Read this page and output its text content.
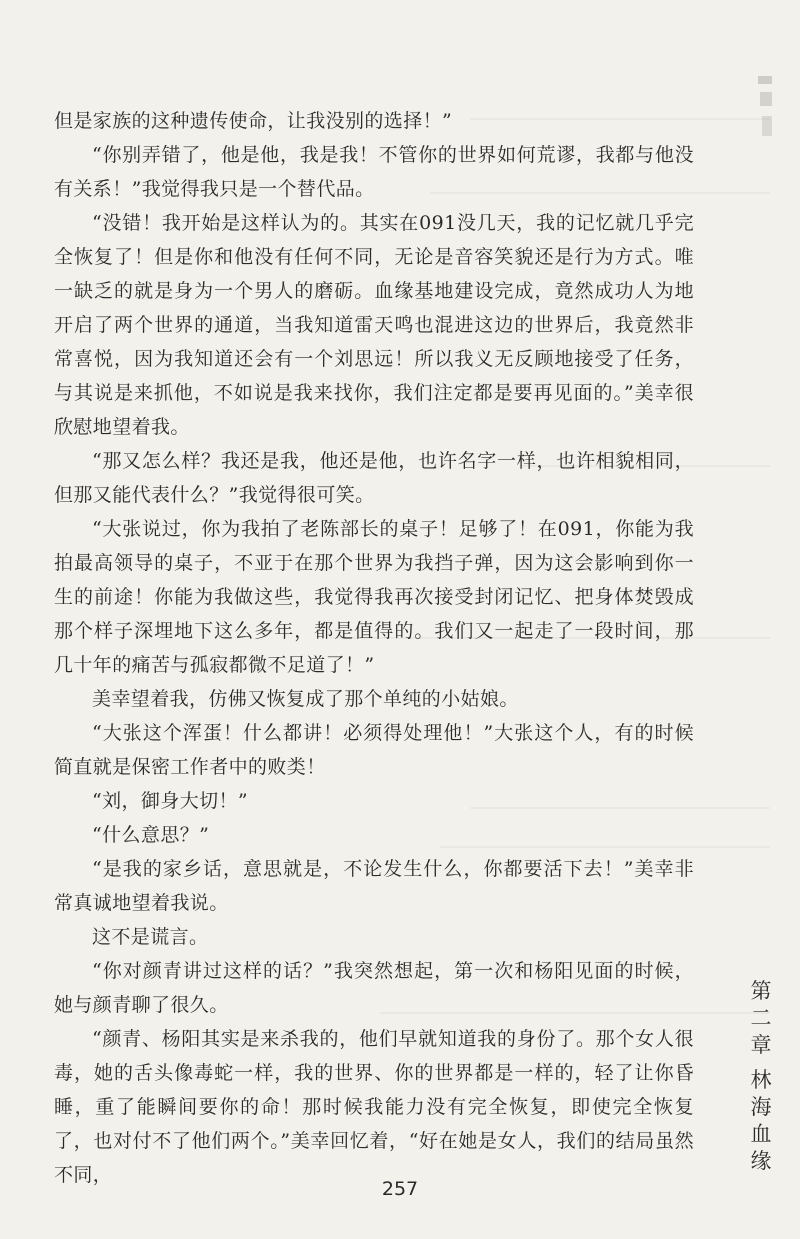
但是家族的这种遗传使命，让我没别的选择！”

“你别弄错了，他是他，我是我！不管你的世界如何荒谬，我都与他没有关系！”我觉得我只是一个替代品。

“没错！我开始是这样认为的。其实在091没几天，我的记忆就几乎完全恢复了！但是你和他没有任何不同，无论是音容笑貌还是行为方式。唯一缺乏的就是身为一个男人的磨砺。血缘基地建设完成，竟然成功人为地开启了两个世界的通道，当我知道雷天鸣也混进这边的世界后，我竟然非常喜悦，因为我知道还会有一个刘思远！所以我义无反顾地接受了任务，与其说是来抓他，不如说是我来找你，我们注定都是要再见面的。”美幸很欣慰地望着我。

“那又怎么样？我还是我，他还是他，也许名字一样，也许相貌相同，但那又能代表什么？”我觉得很可笑。

“大张说过，你为我拍了老陈部长的桌子！足够了！在091，你能为我拍最高领导的桌子，不亚于在那个世界为我挡子弹，因为这会影响到你一生的前途！你能为我做这些，我觉得我再次接受封闭记忆、把身体焚毁成那个样子深埋地下这么多年，都是值得的。我们又一起走了一段时间，那几十年的痛苦与孤寂都微不足道了！”

美幸望着我，仿佛又恢复成了那个单纯的小姑娘。

“大张这个浑蛋！什么都讲！必须得处理他！”大张这个人，有的时候简直就是保密工作者中的败类！

“刘，御身大切！”

“什么意思？”

“是我的家乡话，意思就是，不论发生什么，你都要活下去！”美幸非常真诚地望着我说。

这不是谎言。

“你对颜青讲过这样的话？”我突然想起，第一次和杨阳见面的时候，她与颜青聊了很久。

“颜青、杨阳其实是来杀我的，他们早就知道我的身份了。那个女人很毒，她的舌头像毒蛇一样，我的世界、你的世界都是一样的，轻了让你昏睡，重了能瞬间要你的命！那时候我能力没有完全恢复，即使完全恢复了，也对付不了他们两个。”美幸回忆着，“好在她是女人，我们的结局虽然不同，

第二章
林海血缘
257
